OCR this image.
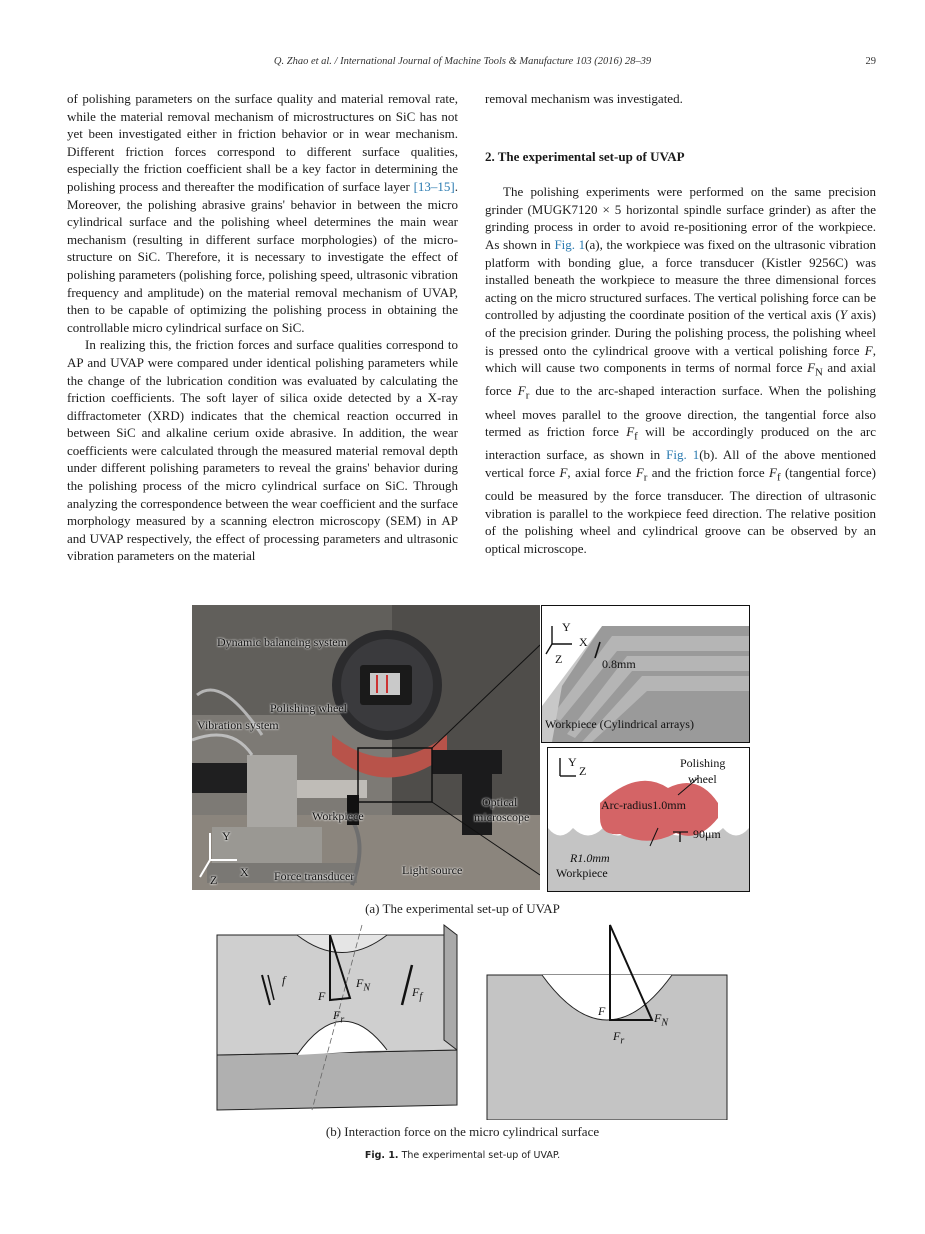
Q. Zhao et al. / International Journal of Machine Tools & Manufacture 103 (2016) 28–39	29

of polishing parameters on the surface quality and material removal rate, while the material removal mechanism of microstructures on SiC has not yet been investigated either in friction behavior or in wear mechanism. Different friction forces correspond to different surface qualities, especially the friction coefficient shall be a key factor in determining the polishing process and thereafter the modification of surface layer [13–15]. Moreover, the polishing abrasive grains' behavior in between the micro cylindrical surface and the polishing wheel determines the main wear mechanism (resulting in different surface morphologies) of the micro-structure on SiC. Therefore, it is necessary to investigate the effect of polishing parameters (polishing force, polishing speed, ultrasonic vibration frequency and amplitude) on the material removal mechanism of UVAP, then to be capable of optimizing the polishing process in obtaining the controllable micro cylindrical surface on SiC.

In realizing this, the friction forces and surface qualities correspond to AP and UVAP were compared under identical polishing parameters while the change of the lubrication condition was evaluated by calculating the friction coefficients. The soft layer of silica oxide detected by a X-ray diffractometer (XRD) indicates that the chemical reaction occurred in between SiC and alkaline cerium oxide abrasive. In addition, the wear coefficients were calculated through the measured material removal depth under different polishing parameters to reveal the grains' behavior during the polishing process of the micro cylindrical surface on SiC. Through analyzing the correspondence between the wear coefficient and the surface morphology measured by a scanning electron microscopy (SEM) in AP and UVAP respectively, the effect of processing parameters and ultrasonic vibration parameters on the material

removal mechanism was investigated.

2. The experimental set-up of UVAP

The polishing experiments were performed on the same precision grinder (MUGK7120 × 5 horizontal spindle surface grinder) as after the grinding process in order to avoid re-positioning error of the workpiece. As shown in Fig. 1(a), the workpiece was fixed on the ultrasonic vibration platform with bonding glue, a force transducer (Kistler 9256C) was installed beneath the workpiece to measure the three dimensional forces acting on the micro structured surfaces. The vertical polishing force can be controlled by adjusting the coordinate position of the vertical axis (Y axis) of the precision grinder. During the polishing process, the polishing wheel is pressed onto the cylindrical groove with a vertical polishing force F, which will cause two components in terms of normal force $F_N$ and axial force $F_r$ due to the arc-shaped interaction surface. When the polishing wheel moves parallel to the groove direction, the tangential force also termed as friction force $F_f$ will be accordingly produced on the arc interaction surface, as shown in Fig. 1(b). All of the above mentioned vertical force F, axial force $F_r$ and the friction force $F_f$ (tangential force) could be measured by the force transducer. The direction of ultrasonic vibration is parallel to the workpiece feed direction. The relative position of the polishing wheel and cylindrical groove can be observed by an optical microscope.

Dynamic balancing system
Polishing wheel
Vibration system
Optical
microscope
Workpiece
Light source
Force transducer
Y
X
Z
Y
X
Z	0.8mm
Workpiece (Cylindrical arrays)
Y
Z
Polishing
wheel
Arc-radius1.0mm
90μm
R1.0mm
Workpiece
(a) The experimental set-up of UVAP
f
F
$F_N$
$F_r$
$F_f$
F	$F_N$
$F_r$
(b) Interaction force on the micro cylindrical surface
Fig. 1. The experimental set-up of UVAP.
